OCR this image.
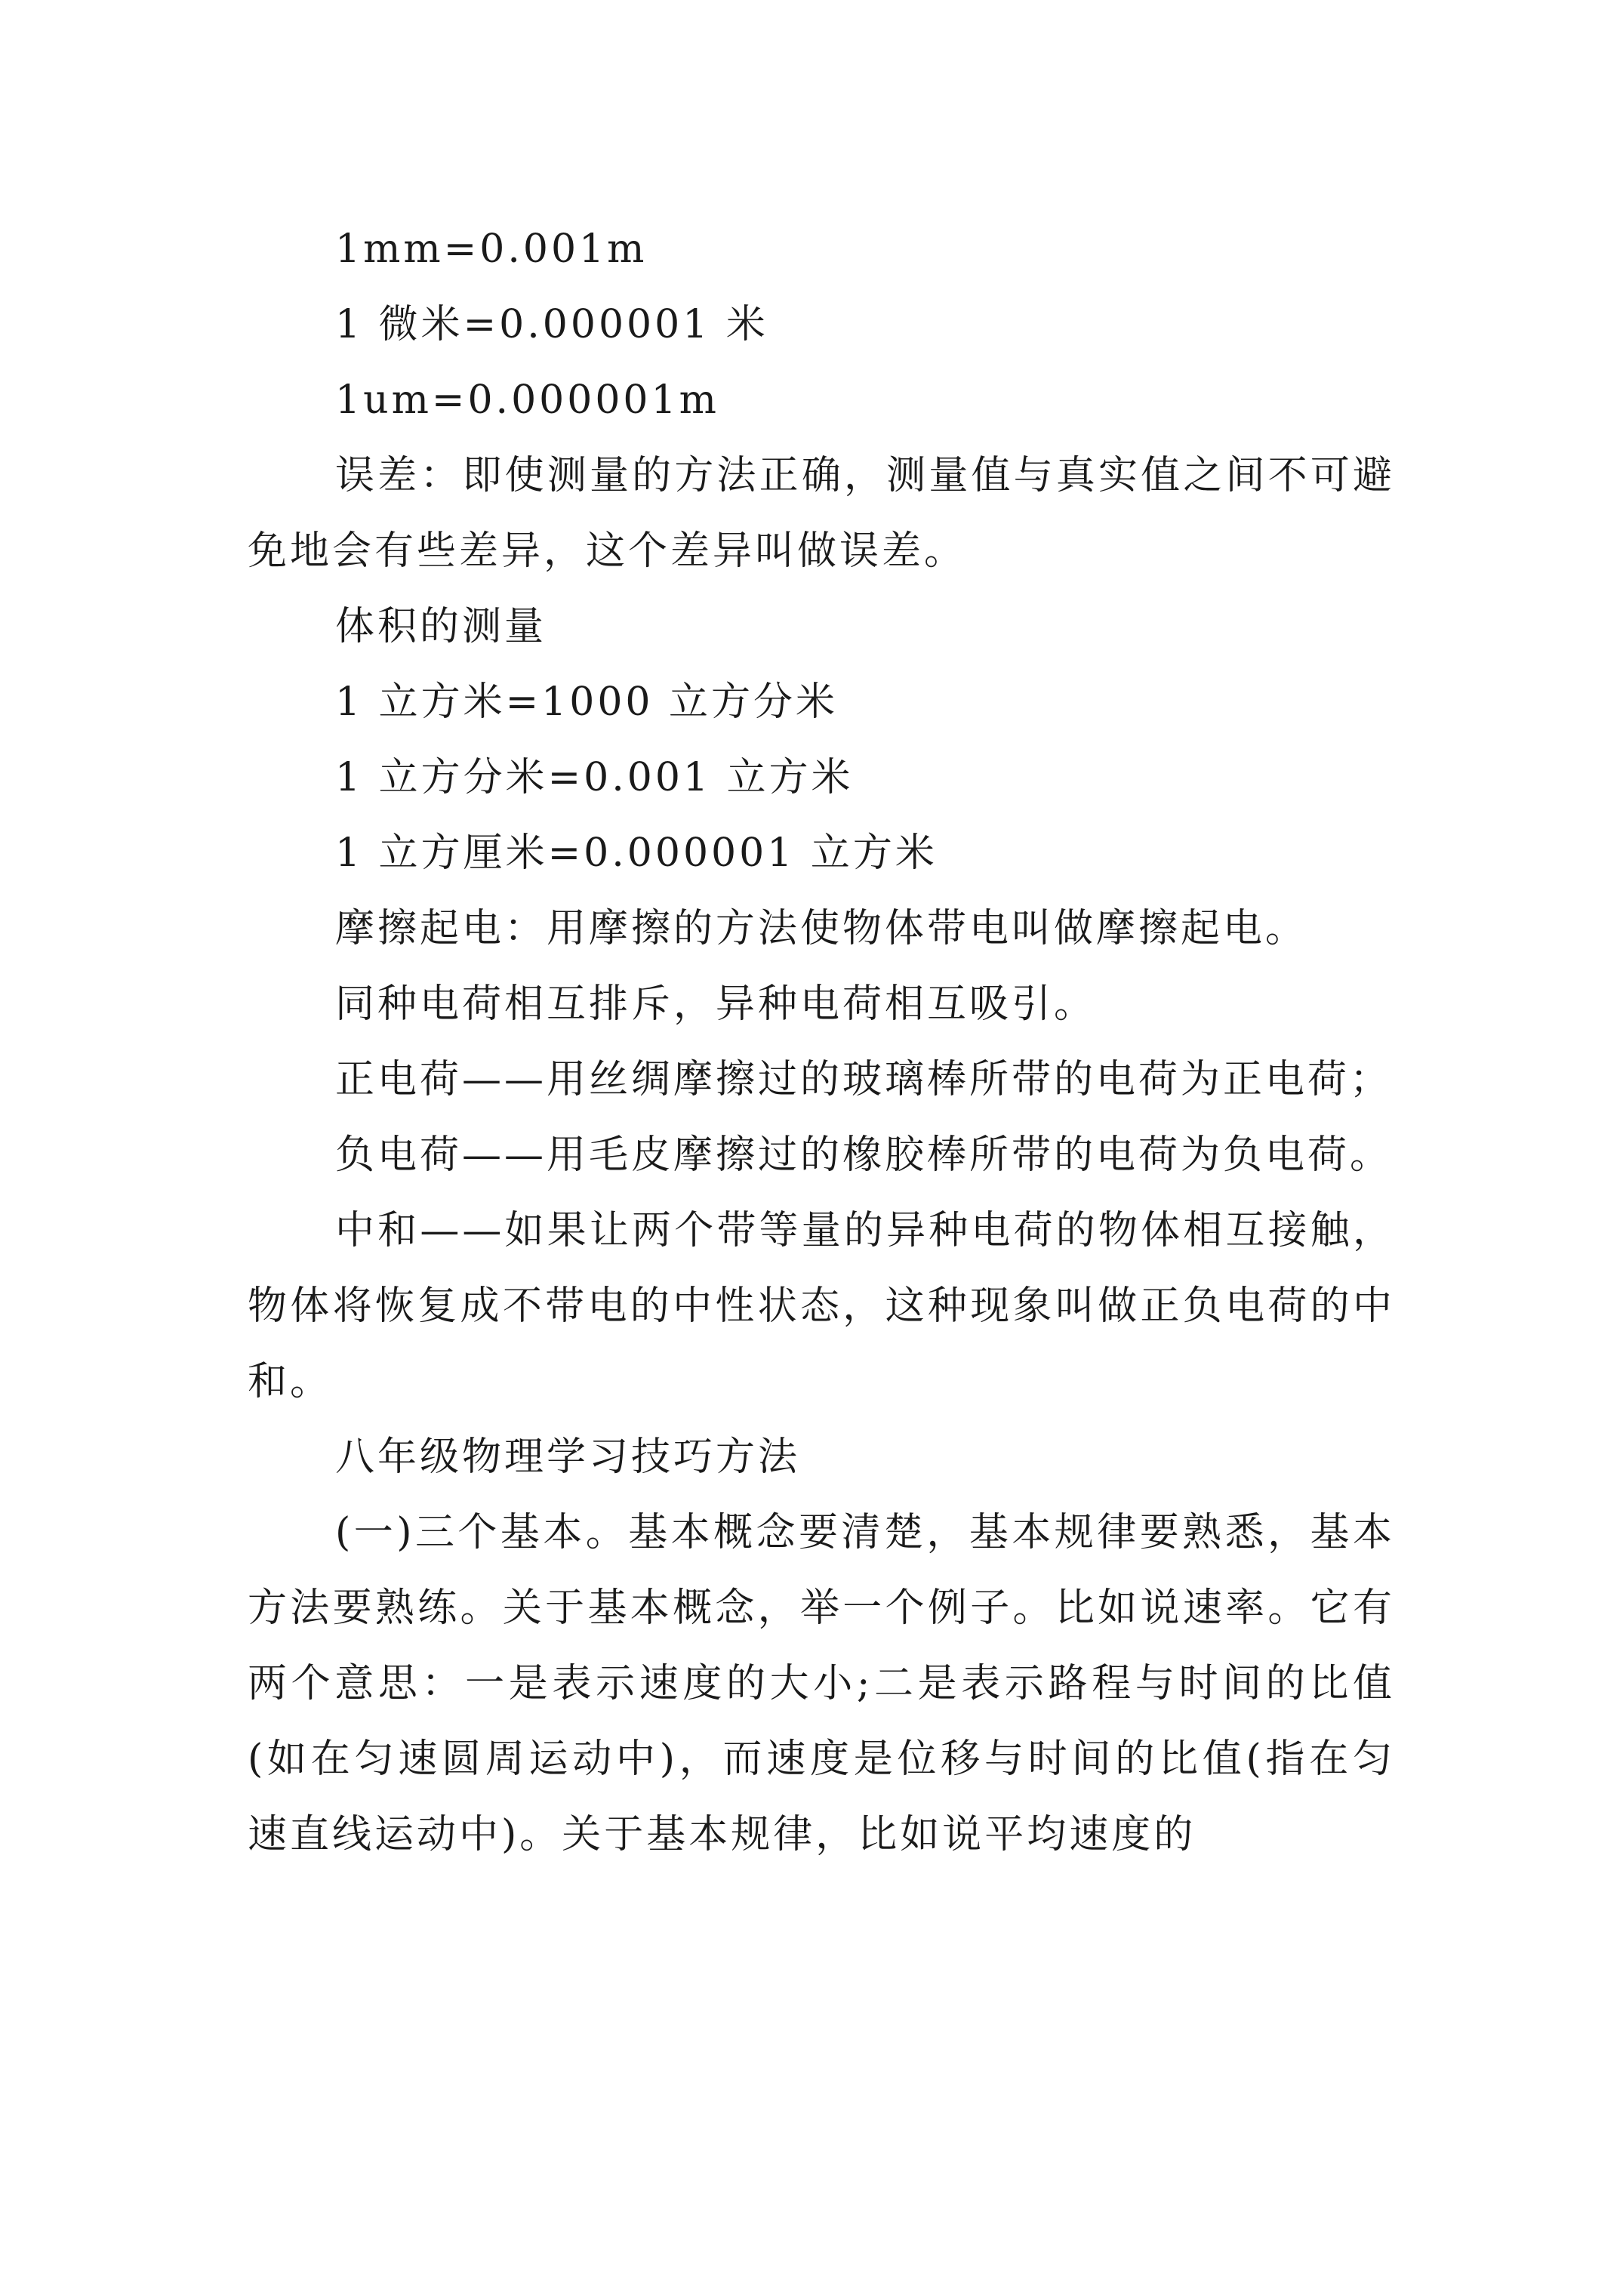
1mm=0.001m

1 微米=0.000001 米

1um=0.000001m

误差：即使测量的方法正确，测量值与真实值之间不可避免地会有些差异，这个差异叫做误差。

体积的测量

1 立方米=1000 立方分米

1 立方分米=0.001 立方米

1 立方厘米=0.000001 立方米

摩擦起电：用摩擦的方法使物体带电叫做摩擦起电。

同种电荷相互排斥，异种电荷相互吸引。

正电荷——用丝绸摩擦过的玻璃棒所带的电荷为正电荷；

负电荷——用毛皮摩擦过的橡胶棒所带的电荷为负电荷。

中和——如果让两个带等量的异种电荷的物体相互接触，物体将恢复成不带电的中性状态，这种现象叫做正负电荷的中和。

八年级物理学习技巧方法

(一)三个基本。基本概念要清楚，基本规律要熟悉，基本方法要熟练。关于基本概念，举一个例子。比如说速率。它有两个意思：一是表示速度的大小;二是表示路程与时间的比值(如在匀速圆周运动中)，而速度是位移与时间的比值(指在匀速直线运动中)。关于基本规律，比如说平均速度的
